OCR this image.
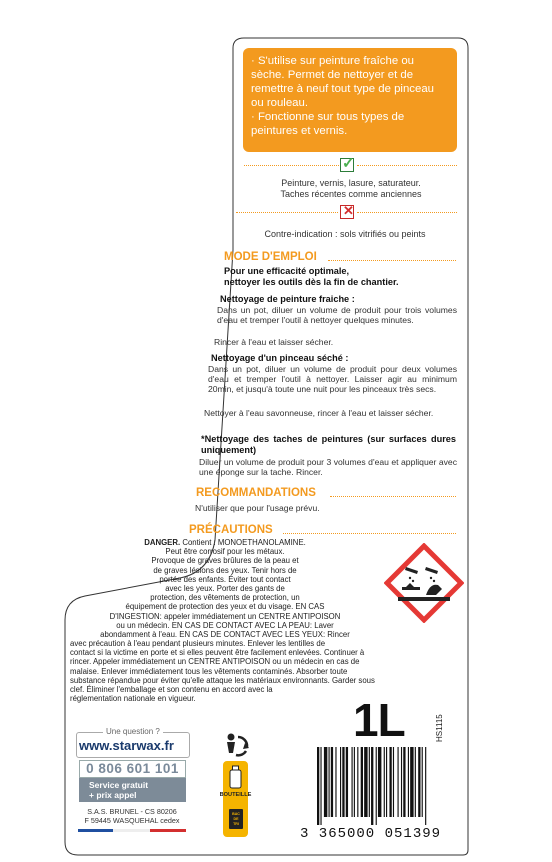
· S'utilise sur peinture fraîche ou sèche. Permet de nettoyer et de remettre à neuf tout type de pinceau ou rouleau.

· Fonctionne sur tous types de peintures et vernis.

✓
Peinture, vernis, lasure, saturateur.
Taches récentes comme anciennes
✕
Contre-indication : sols vitrifiés ou peints
MODE D'EMPLOI
Pour une efficacité optimale,
nettoyer les outils dès la fin de chantier.
Nettoyage de peinture fraiche :
Dans un pot, diluer un volume de produit pour trois volumes d'eau et tremper l'outil à nettoyer quelques minutes.
Rincer à l'eau et laisser sécher.
Nettoyage d'un pinceau séché :
Dans un pot, diluer un volume de produit pour deux volumes d'eau et tremper l'outil à nettoyer. Laisser agir au minimum 20min, et jusqu'à toute une nuit pour les pinceaux très secs.
Nettoyer à l'eau savonneuse, rincer à l'eau et laisser sécher.
*Nettoyage des taches de peintures (sur surfaces dures uniquement)
Diluer un volume de produit pour 3 volumes d'eau et appliquer avec une éponge sur la tache. Rincer.
RECOMMANDATIONS
N'utiliser que pour l'usage prévu.
PRÉCAUTIONS
DANGER. Contient : MONOETHANOLAMINE.
Peut être corrosif pour les métaux.
Provoque de graves brûlures de la peau et
de graves lésions des yeux. Tenir hors de
portée des enfants. Éviter tout contact
avec les yeux. Porter des gants de
protection, des vêtements de protection, un
équipement de protection des yeux et du visage. EN CAS
D'INGESTION: appeler immédiatement un CENTRE ANTIPOISON
ou un médecin. EN CAS DE CONTACT AVEC LA PEAU: Laver
abondamment à l'eau. EN CAS DE CONTACT AVEC LES YEUX: Rincer
avec précaution à l'eau pendant plusieurs minutes. Enlever les lentilles de
contact si la victime en porte et si elles peuvent être facilement enlevées. Continuer à
rincer. Appeler immédiatement un CENTRE ANTIPOISON ou un médecin en cas de
malaise. Enlever immédiatement tous les vêtements contaminés. Absorber toute
substance répandue pour éviter qu'elle attaque les matériaux environnants. Garder sous
clef. Éliminer l'emballage et son contenu en accord avec la
réglementation nationale en vigueur.
Une question ?
www.starwax.fr
0 806 601 101
Service gratuit
+ prix appel
S.A.S. BRUNEL - CS 80206
F 59445 WASQUEHAL cedex
BOUTEILLE
BAC
DE
TRI
1L	HS1115
3 365000 051399
